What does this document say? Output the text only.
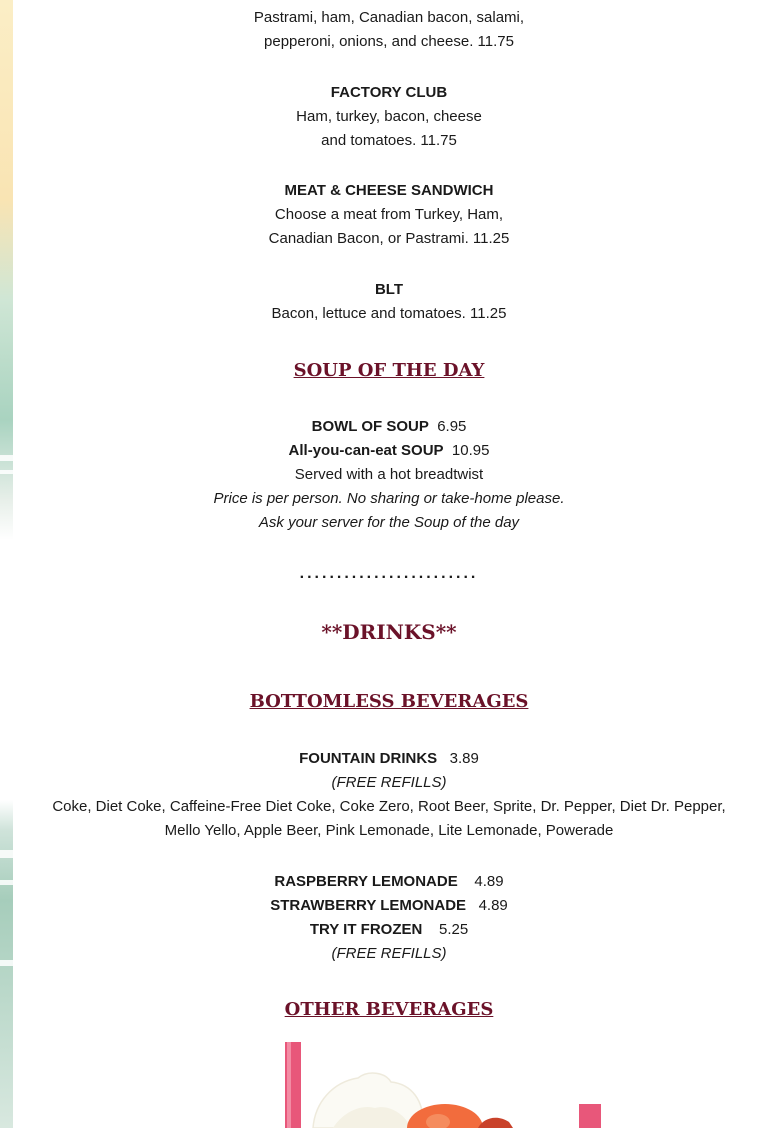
Pastrami, ham, Canadian bacon, salami,
pepperoni, onions, and cheese. 11.75
FACTORY CLUB
Ham, turkey, bacon, cheese
and tomatoes. 11.75
MEAT & CHEESE SANDWICH
Choose a meat from Turkey, Ham,
Canadian Bacon, or Pastrami. 11.25
BLT
Bacon, lettuce and tomatoes. 11.25
SOUP OF THE DAY
BOWL OF SOUP 6.95
All-you-can-eat SOUP 10.95
Served with a hot breadtwist
Price is per person. No sharing or take-home please.
Ask your server for the Soup of the day
........................
**DRINKS**
BOTTOMLESS BEVERAGES
FOUNTAIN DRINKS 3.89
(FREE REFILLS)
Coke, Diet Coke, Caffeine-Free Diet Coke, Coke Zero, Root Beer, Sprite, Dr. Pepper, Diet Dr. Pepper, Mello Yello, Apple Beer, Pink Lemonade, Lite Lemonade, Powerade
RASPBERRY LEMONADE 4.89
STRAWBERRY LEMONADE 4.89
TRY IT FROZEN 5.25
(FREE REFILLS)
OTHER BEVERAGES
